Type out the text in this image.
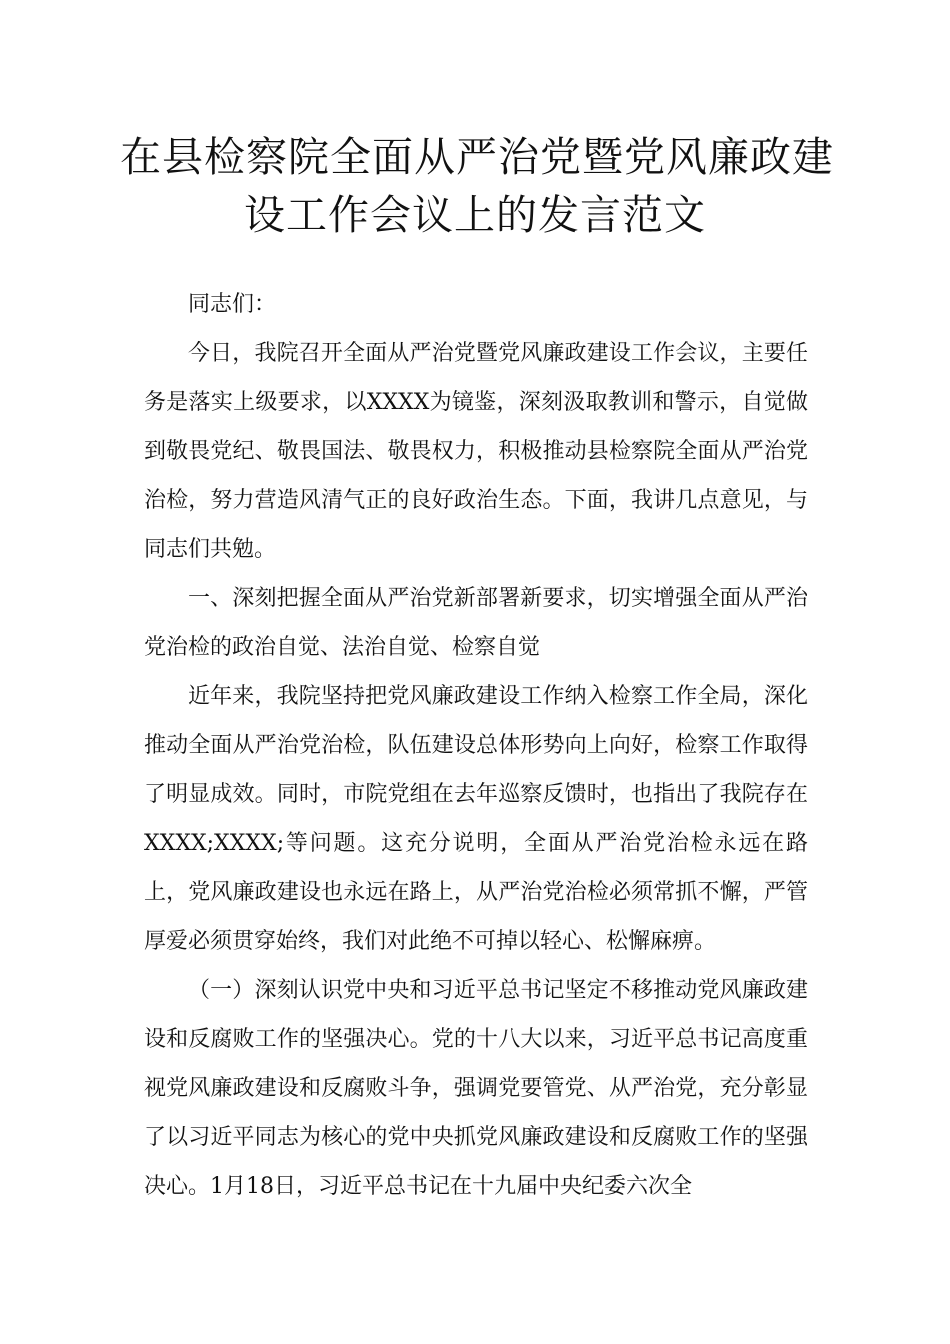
在县检察院全面从严治党暨党风廉政建
设工作会议上的发言范文

同志们：

今日，我院召开全面从严治党暨党风廉政建设工作会议，主要任务是落实上级要求，以XXXX为镜鉴，深刻汲取教训和警示，自觉做到敬畏党纪、敬畏国法、敬畏权力，积极推动县检察院全面从严治党治检，努力营造风清气正的良好政治生态。下面，我讲几点意见，与同志们共勉。

一、深刻把握全面从严治党新部署新要求，切实增强全面从严治党治检的政治自觉、法治自觉、检察自觉

近年来，我院坚持把党风廉政建设工作纳入检察工作全局，深化推动全面从严治党治检，队伍建设总体形势向上向好，检察工作取得了明显成效。同时，市院党组在去年巡察反馈时，也指出了我院存在XXXX;XXXX;等问题。这充分说明，全面从严治党治检永远在路上，党风廉政建设也永远在路上，从严治党治检必须常抓不懈，严管厚爱必须贯穿始终，我们对此绝不可掉以轻心、松懈麻痹。

（一）深刻认识党中央和习近平总书记坚定不移推动党风廉政建设和反腐败工作的坚强决心。党的十八大以来，习近平总书记高度重视党风廉政建设和反腐败斗争，强调党要管党、从严治党，充分彰显了以习近平同志为核心的党中央抓党风廉政建设和反腐败工作的坚强决心。1月18日，习近平总书记在十九届中央纪委六次全
